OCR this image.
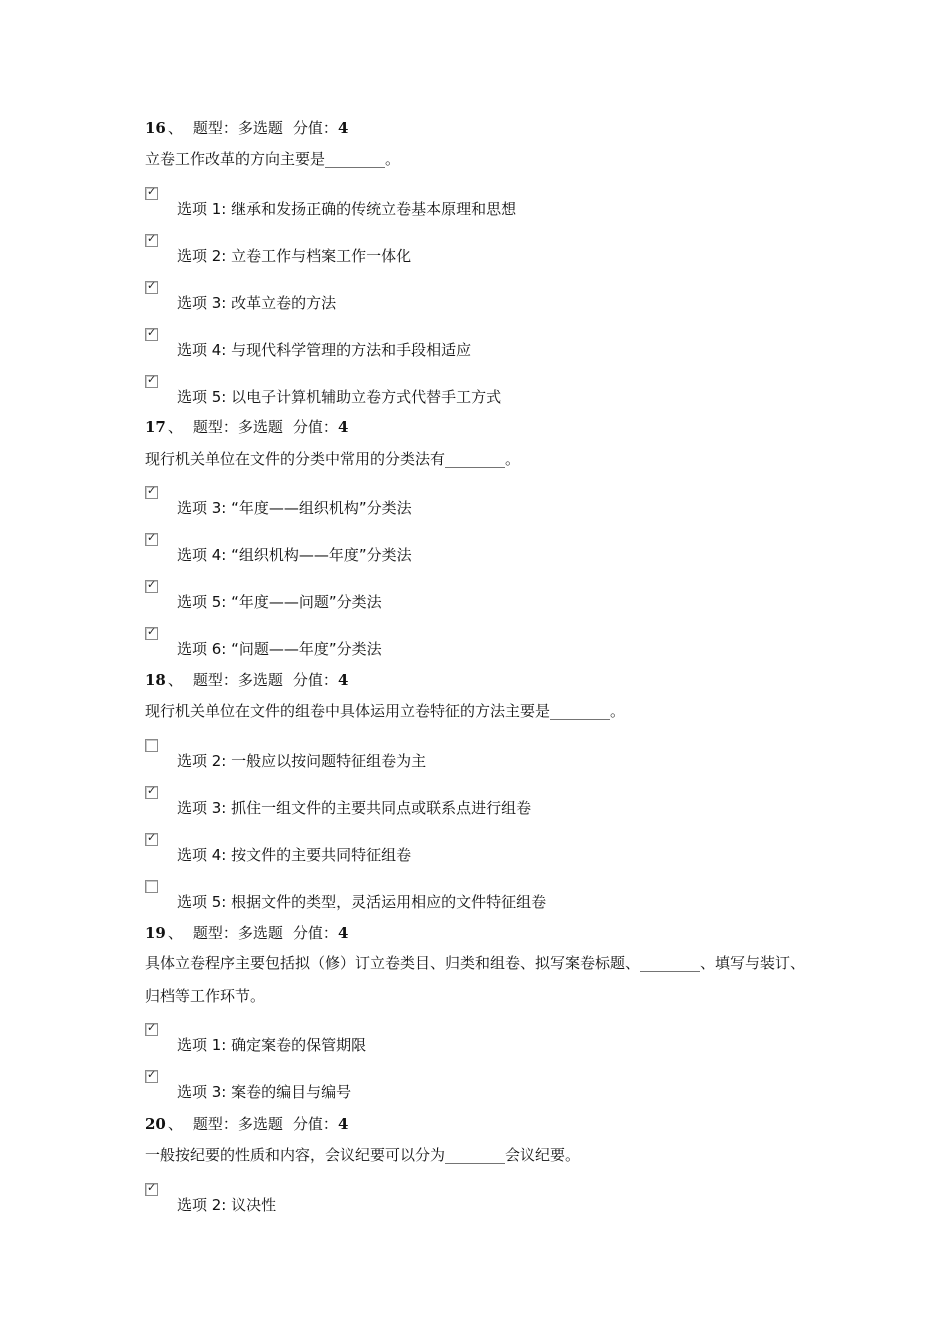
16 、 题型：多选题 分值：4
立卷工作改革的方向主要是________。
✓
选项 1: 继承和发扬正确的传统立卷基本原理和思想
✓
选项 2: 立卷工作与档案工作一体化
✓
选项 3: 改革立卷的方法
✓
选项 4: 与现代科学管理的方法和手段相适应
✓
选项 5: 以电子计算机辅助立卷方式代替手工方式
17 、 题型：多选题 分值：4
现行机关单位在文件的分类中常用的分类法有________。
✓
选项 3: “年度——组织机构”分类法
✓
选项 4: “组织机构——年度”分类法
✓
选项 5: “年度——问题”分类法
✓
选项 6: “问题——年度”分类法
18 、 题型：多选题 分值：4
现行机关单位在文件的组卷中具体运用立卷特征的方法主要是________。
选项 2: 一般应以按问题特征组卷为主
✓
选项 3: 抓住一组文件的主要共同点或联系点进行组卷
✓
选项 4: 按文件的主要共同特征组卷
选项 5: 根据文件的类型，灵活运用相应的文件特征组卷
19 、 题型：多选题 分值：4
具体立卷程序主要包括拟（修）订立卷类目、归类和组卷、拟写案卷标题、________、填写与装订、归档等工作环节。
✓
选项 1: 确定案卷的保管期限
✓
选项 3: 案卷的编目与编号
20 、 题型：多选题 分值：4
一般按纪要的性质和内容，会议纪要可以分为________会议纪要。
✓
选项 2: 议决性
